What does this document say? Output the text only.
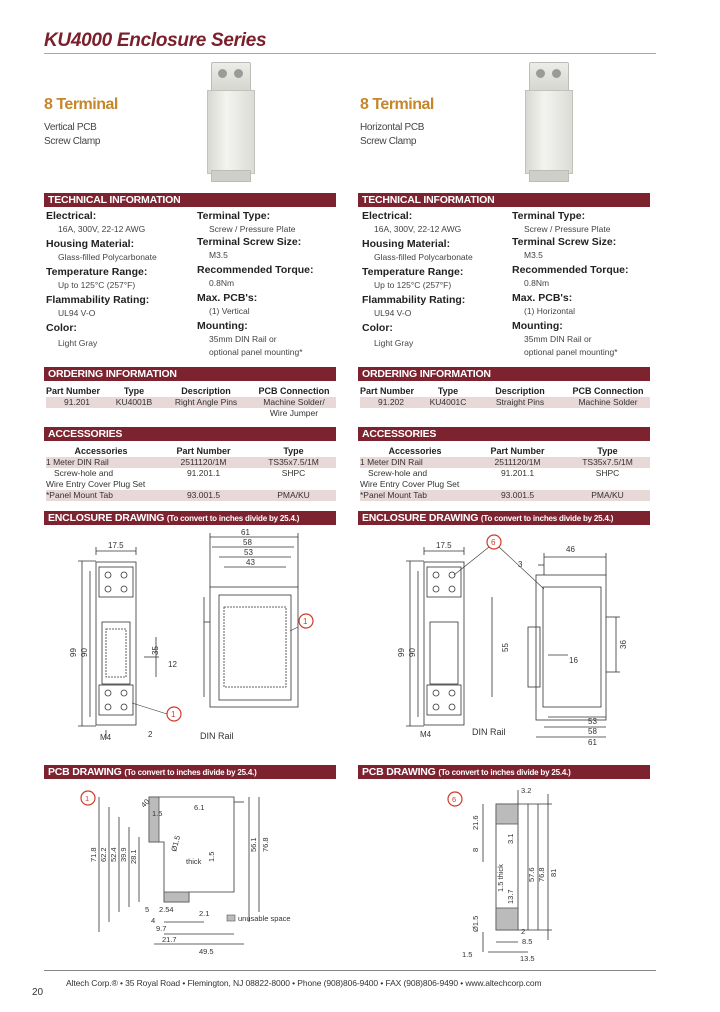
KU4000 Enclosure Series
8 Terminal
Vertical PCB
Screw Clamp
8 Terminal
Horizontal PCB
Screw Clamp
TECHNICAL INFORMATION	TECHNICAL INFORMATION
Electrical:
16A, 300V, 22-12 AWG
Housing Material:
Glass-filled Polycarbonate
Temperature Range:
Up to 125°C (257°F)
Flammability Rating:
UL94 V-O
Color:
Light Gray
Terminal Type:
Screw / Pressure Plate
Terminal Screw Size:
M3.5
Recommended Torque:
0.8Nm
Max. PCB's:
(1) Vertical
Mounting:
35mm DIN Rail or
optional panel mounting*
Electrical:
16A, 300V, 22-12 AWG
Housing Material:
Glass-filled Polycarbonate
Temperature Range:
Up to 125°C (257°F)
Flammability Rating:
UL94 V-O
Color:
Light Gray
Terminal Type:
Screw / Pressure Plate
Terminal Screw Size:
M3.5
Recommended Torque:
0.8Nm
Max. PCB's:
(1) Horizontal
Mounting:
35mm DIN Rail or
optional panel mounting*
ORDERING INFORMATION	ORDERING INFORMATION
Part Number	Type	Description	PCB Connection
91.201	KU4001B	Right Angle Pins	Machine Solder/
			Wire Jumper
Part Number	Type	Description	PCB Connection
91.202	KU4001C	Straight Pins	Machine Solder
ACCESSORIES	ACCESSORIES
Accessories	Part Number	Type
1 Meter DIN Rail	2511120/1M	TS35x7.5/1M
Screw-hole and	91.201.1	SHPC
Wire Entry Cover Plug Set		
*Panel Mount Tab	93.001.5	PMA/KU
Accessories	Part Number	Type
1 Meter DIN Rail	2511120/1M	TS35x7.5/1M
Screw-hole and	91.201.1	SHPC
Wire Entry Cover Plug Set		
*Panel Mount Tab	93.001.5	PMA/KU
ENCLOSURE DRAWING (To convert to inches divide by 25.4.)	ENCLOSURE DRAWING (To convert to inches divide by 25.4.)
17.5
99 90	35
12
M4	2
61
58
53
43
1
1
DIN Rail
17.5
99 90
55	36
16
M4
46
3
53
58
61
6
DIN Rail
PCB DRAWING (To convert to inches divide by 25.4.)	PCB DRAWING (To convert to inches divide by 25.4.)
1
71.8 62.2 52.4 39.9 28.1
76.8
56.1
1.5
40	6.1
1.5
Ø1.5
thick
2.54	2.1
9.7
21.7
49.5
5
4	unusable space
6
8
21.6
3.1
57.6 76.8 81
13.7
1.5 thick
Ø1.5
3.2
2
8.5
13.5
1.5
Altech Corp.® • 35 Royal Road • Flemington, NJ 08822-8000 • Phone (908)806-9400 • FAX (908)806-9490 • www.altechcorp.com
20
